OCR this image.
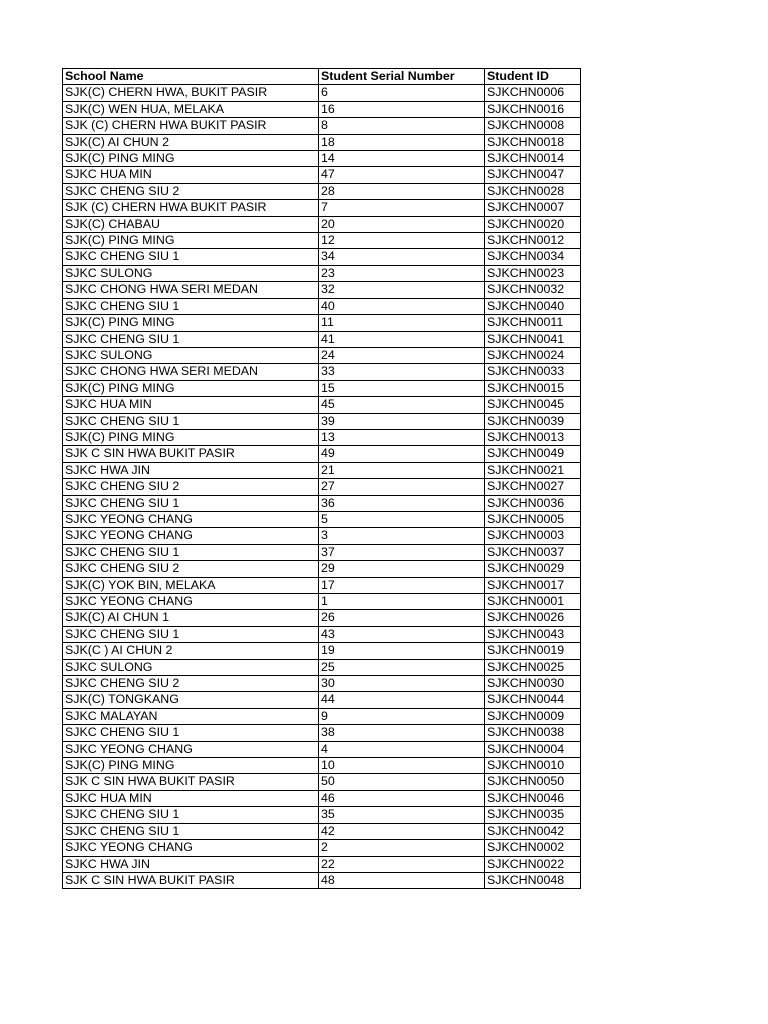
School Name	Student Serial Number	Student ID
SJK(C) CHERN HWA, BUKIT PASIR	6	SJKCHN0006
SJK(C) WEN HUA, MELAKA	16	SJKCHN0016
SJK (C) CHERN HWA BUKIT PASIR	8	SJKCHN0008
SJK(C) AI CHUN 2	18	SJKCHN0018
SJK(C) PING MING	14	SJKCHN0014
SJKC HUA MIN	47	SJKCHN0047
SJKC CHENG SIU 2	28	SJKCHN0028
SJK (C) CHERN HWA BUKIT PASIR	7	SJKCHN0007
SJK(C) CHABAU	20	SJKCHN0020
SJK(C) PING MING	12	SJKCHN0012
SJKC CHENG SIU 1	34	SJKCHN0034
SJKC SULONG	23	SJKCHN0023
SJKC CHONG HWA SERI MEDAN	32	SJKCHN0032
SJKC CHENG SIU 1	40	SJKCHN0040
SJK(C) PING MING	11	SJKCHN0011
SJKC CHENG SIU 1	41	SJKCHN0041
SJKC SULONG	24	SJKCHN0024
SJKC CHONG HWA SERI MEDAN	33	SJKCHN0033
SJK(C) PING MING	15	SJKCHN0015
SJKC HUA MIN	45	SJKCHN0045
SJKC CHENG SIU 1	39	SJKCHN0039
SJK(C) PING MING	13	SJKCHN0013
SJK C SIN HWA BUKIT PASIR	49	SJKCHN0049
SJKC HWA JIN	21	SJKCHN0021
SJKC CHENG SIU 2	27	SJKCHN0027
SJKC CHENG SIU 1	36	SJKCHN0036
SJKC YEONG CHANG	5	SJKCHN0005
SJKC YEONG CHANG	3	SJKCHN0003
SJKC CHENG SIU 1	37	SJKCHN0037
SJKC CHENG SIU 2	29	SJKCHN0029
SJK(C) YOK BIN, MELAKA	17	SJKCHN0017
SJKC YEONG CHANG	1	SJKCHN0001
SJK(C) AI CHUN 1	26	SJKCHN0026
SJKC CHENG SIU 1	43	SJKCHN0043
SJK(C ) AI CHUN 2	19	SJKCHN0019
SJKC SULONG	25	SJKCHN0025
SJKC CHENG SIU 2	30	SJKCHN0030
SJK(C) TONGKANG	44	SJKCHN0044
SJKC MALAYAN	9	SJKCHN0009
SJKC CHENG SIU 1	38	SJKCHN0038
SJKC YEONG CHANG	4	SJKCHN0004
SJK(C) PING MING	10	SJKCHN0010
SJK C SIN HWA BUKIT PASIR	50	SJKCHN0050
SJKC HUA MIN	46	SJKCHN0046
SJKC CHENG SIU 1	35	SJKCHN0035
SJKC CHENG SIU 1	42	SJKCHN0042
SJKC YEONG CHANG	2	SJKCHN0002
SJKC HWA JIN	22	SJKCHN0022
SJK C SIN HWA BUKIT PASIR	48	SJKCHN0048
